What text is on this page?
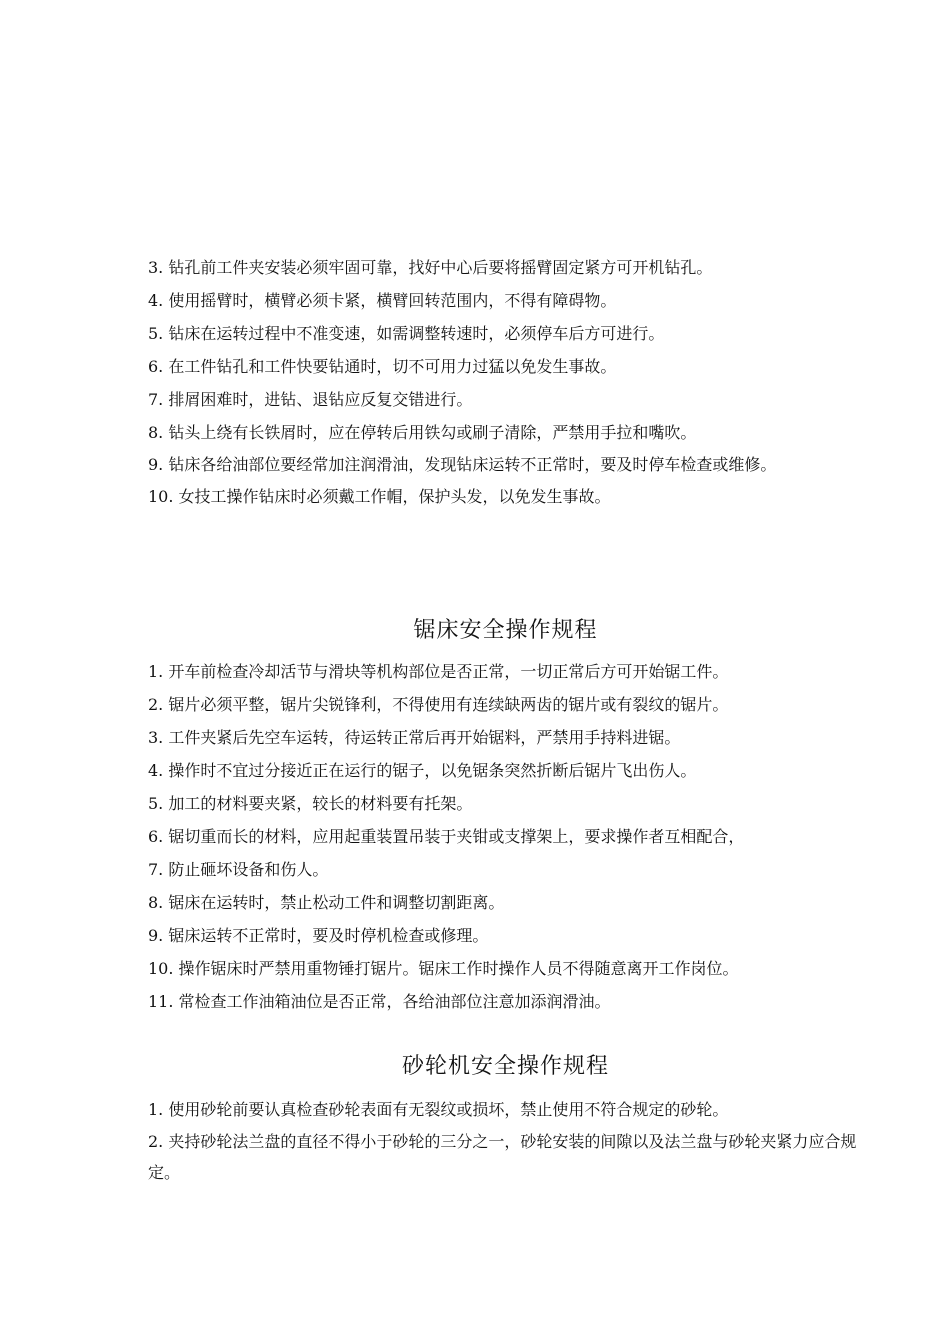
3. 钻孔前工件夹安装必须牢固可靠，找好中心后要将摇臂固定紧方可开机钻孔。
4. 使用摇臂时，横臂必须卡紧，横臂回转范围内，不得有障碍物。
5. 钻床在运转过程中不准变速，如需调整转速时，必须停车后方可进行。
6. 在工件钻孔和工件快要钻通时，切不可用力过猛以免发生事故。
7. 排屑困难时，进钻、退钻应反复交错进行。
8. 钻头上绕有长铁屑时，应在停转后用铁勾或刷子清除，严禁用手拉和嘴吹。
9. 钻床各给油部位要经常加注润滑油，发现钻床运转不正常时，要及时停车检查或维修。
10. 女技工操作钻床时必须戴工作帽，保护头发，以免发生事故。
锯床安全操作规程
1. 开车前检查冷却活节与滑块等机构部位是否正常，一切正常后方可开始锯工件。
2. 锯片必须平整，锯片尖锐锋利，不得使用有连续缺两齿的锯片或有裂纹的锯片。
3. 工件夹紧后先空车运转，待运转正常后再开始锯料，严禁用手持料进锯。
4. 操作时不宜过分接近正在运行的锯子，以免锯条突然折断后锯片飞出伤人。
5. 加工的材料要夹紧，较长的材料要有托架。
6. 锯切重而长的材料，应用起重装置吊装于夹钳或支撑架上，要求操作者互相配合，
7. 防止砸坏设备和伤人。
8. 锯床在运转时，禁止松动工件和调整切割距离。
9. 锯床运转不正常时，要及时停机检查或修理。
10. 操作锯床时严禁用重物锤打锯片。锯床工作时操作人员不得随意离开工作岗位。
11. 常检查工作油箱油位是否正常，各给油部位注意加添润滑油。
砂轮机安全操作规程
1. 使用砂轮前要认真检查砂轮表面有无裂纹或损坏，禁止使用不符合规定的砂轮。
2. 夹持砂轮法兰盘的直径不得小于砂轮的三分之一，砂轮安装的间隙以及法兰盘与砂轮夹紧力应合规定。
